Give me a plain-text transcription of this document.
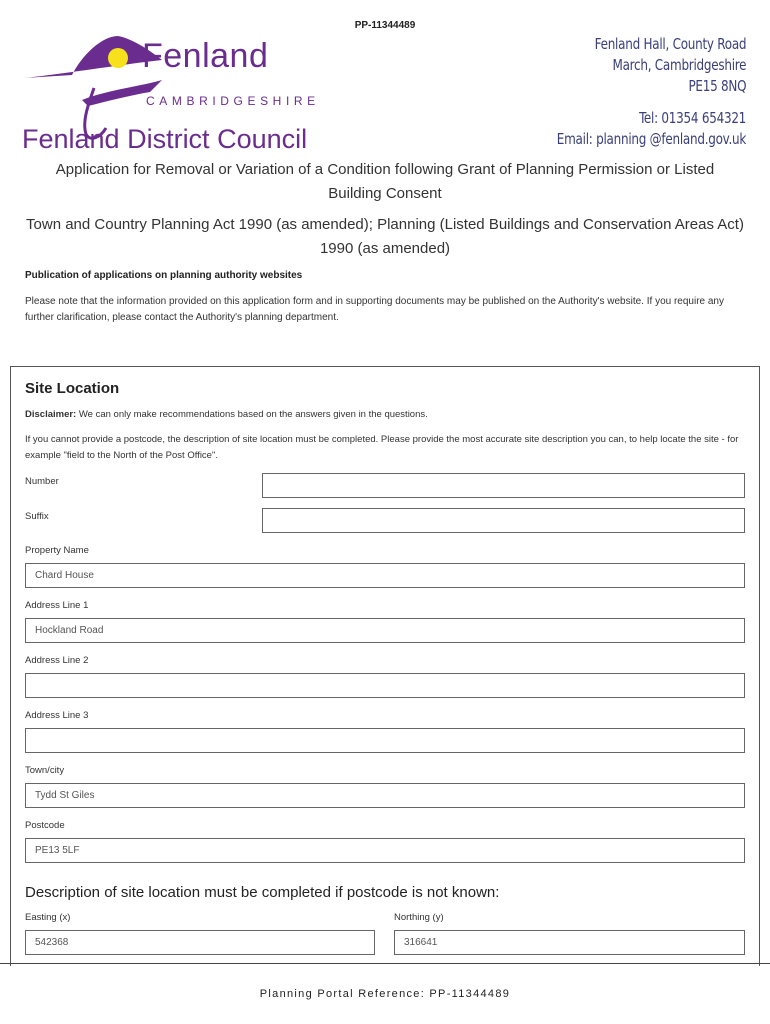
PP-11344489
Fenland
CAMBRIDGESHIRE
Fenland District Council
Fenland Hall, County Road
March, Cambridgeshire
PE15 8NQ
Tel: 01354 654321
Email: planning @fenland.gov.uk
Application for Removal or Variation of a Condition following Grant of Planning Permission or Listed Building Consent
Town and Country Planning Act 1990 (as amended); Planning (Listed Buildings and Conservation Areas Act) 1990 (as amended)
Publication of applications on planning authority websites
Please note that the information provided on this application form and in supporting documents may be published on the Authority's website. If you require any further clarification, please contact the Authority's planning department.
Site Location
Disclaimer: We can only make recommendations based on the answers given in the questions.
If you cannot provide a postcode, the description of site location must be completed. Please provide the most accurate site description you can, to help locate the site - for example "field to the North of the Post Office".
Number
Suffix
Property Name
Chard House
Address Line 1
Hockland Road
Address Line 2
Address Line 3
Town/city
Tydd St Giles
Postcode
PE13 5LF
Description of site location must be completed if postcode is not known:
Easting (x)
542368
Northing (y)
316641
Planning Portal Reference: PP-11344489
